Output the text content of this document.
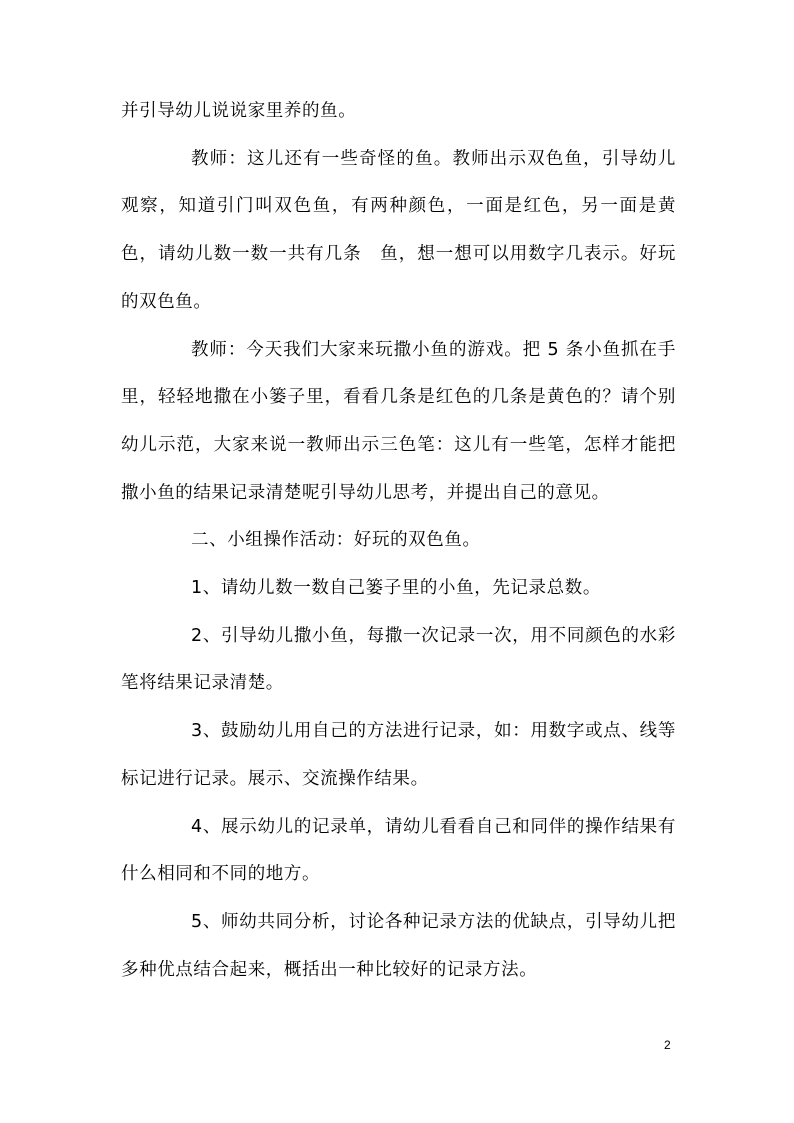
并引导幼儿说说家里养的鱼。

教师：这儿还有一些奇怪的鱼。教师出示双色鱼，引导幼儿观察，知道引门叫双色鱼，有两种颜色，一面是红色，另一面是黄色，请幼儿数一数一共有几条　鱼，想一想可以用数字几表示。好玩的双色鱼。

教师：今天我们大家来玩撒小鱼的游戏。把 5 条小鱼抓在手里，轻轻地撒在小篓子里，看看几条是红色的几条是黄色的？请个别幼儿示范，大家来说一教师出示三色笔：这儿有一些笔，怎样才能把撒小鱼的结果记录清楚呢引导幼儿思考，并提出自己的意见。

二、小组操作活动：好玩的双色鱼。

1、请幼儿数一数自己篓子里的小鱼，先记录总数。

2、引导幼儿撒小鱼，每撒一次记录一次，用不同颜色的水彩笔将结果记录清楚。

3、鼓励幼儿用自己的方法进行记录，如：用数字或点、线等标记进行记录。展示、交流操作结果。

4、展示幼儿的记录单，请幼儿看看自己和同伴的操作结果有什么相同和不同的地方。

5、师幼共同分析，讨论各种记录方法的优缺点，引导幼儿把多种优点结合起来，概括出一种比较好的记录方法。

2
